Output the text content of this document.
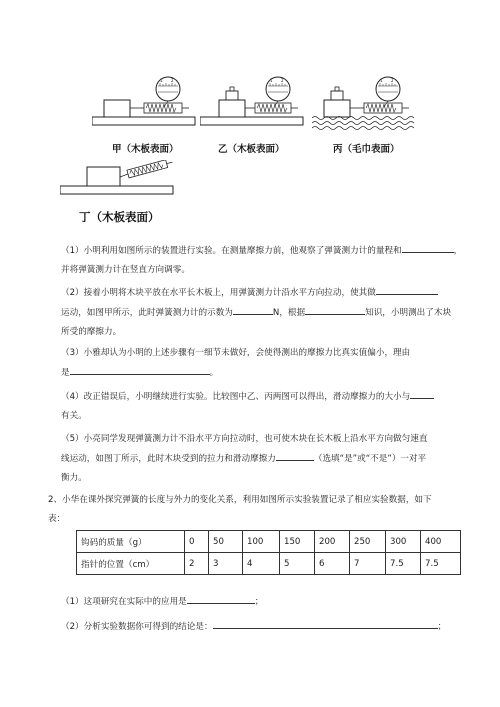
1 2	1 2	1 2
甲（木板表面）	乙（木板表面）	丙（毛巾表面）
丁（木板表面）
（1）小明利用如图所示的装置进行实验。在测量摩擦力前，他观察了弹簧测力计的量程和	，
并将弹簧测力计在竖直方向调零。
（2）接着小明将木块平放在水平长木板上，用弹簧测力计沿水平方向拉动，使其做
运动，如图甲所示，此时弹簧测力计的示数为	N，根据	知识，小明测出了木块
所受的摩擦力。
（3）小雅却认为小明的上述步骤有一细节未做好，会使得测出的摩擦力比真实值偏小，理由
是	。
（4）改正错误后，小明继续进行实验。比较图中乙、丙两图可以得出，滑动摩擦力的大小与
有关。
（5）小亮同学发现弹簧测力计不沿水平方向拉动时，也可使木块在长木板上沿水平方向做匀速直
线运动，如图丁所示，此时木块受到的拉力和滑动摩擦力	（选填“是”或“不是”）一对平
衡力。
2、小华在课外探究弹簧的长度与外力的变化关系，利用如图所示实验装置记录了相应实验数据，如下
表：
钩码的质量（g）	0	50	100	150	200	250	300	400
指针的位置（cm）	2	3	4	5	6	7	7.5	7.5
（1）这项研究在实际中的应用是	；
（2）分析实验数据你可得到的结论是：	；
